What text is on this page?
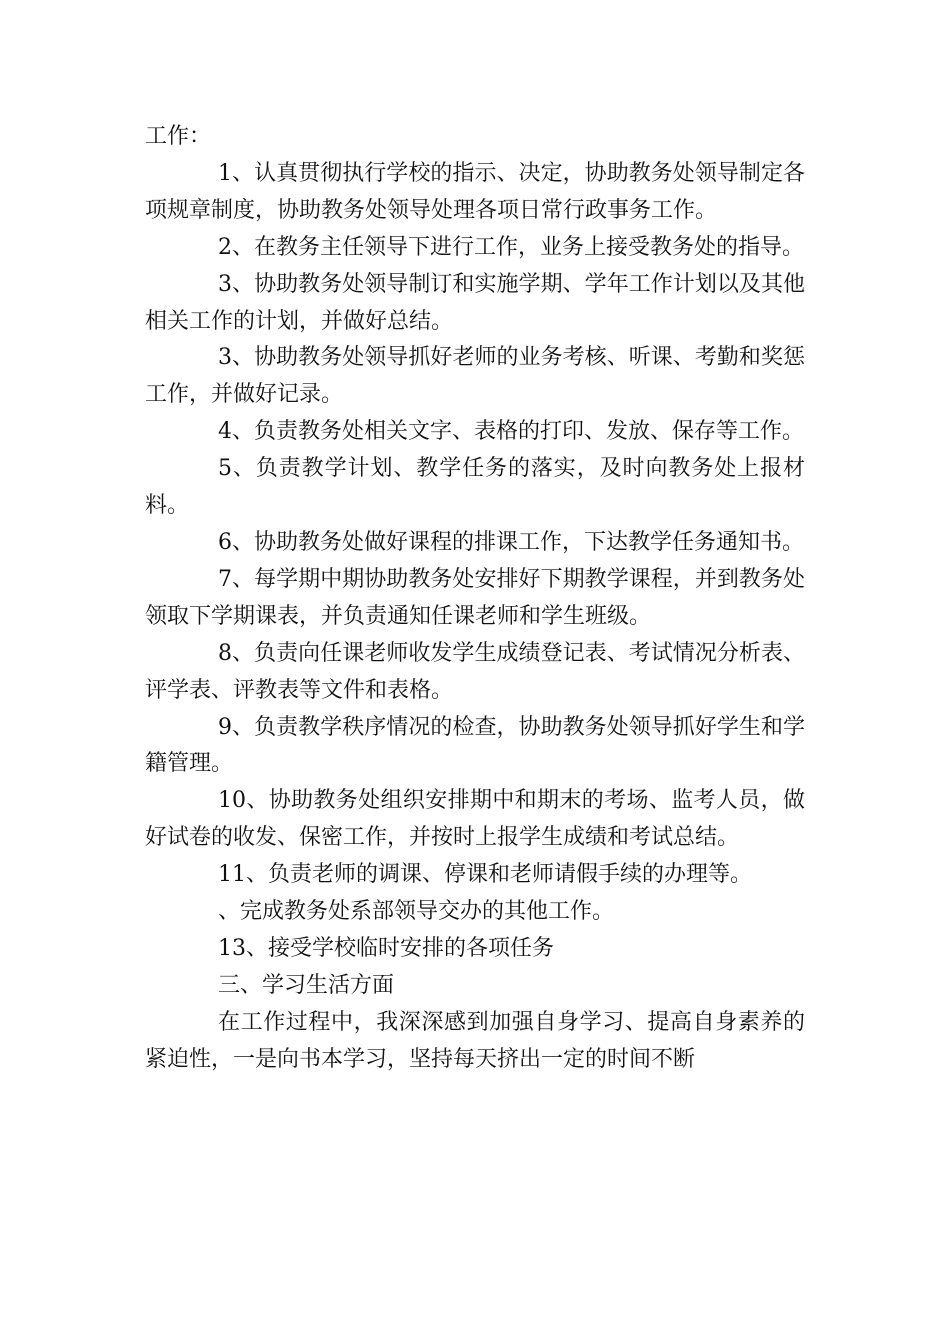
工作：

1、认真贯彻执行学校的指示、决定，协助教务处领导制定各项规章制度，协助教务处领导处理各项日常行政事务工作。

2、在教务主任领导下进行工作，业务上接受教务处的指导。

3、协助教务处领导制订和实施学期、学年工作计划以及其他相关工作的计划，并做好总结。

3、协助教务处领导抓好老师的业务考核、听课、考勤和奖惩工作，并做好记录。

4、负责教务处相关文字、表格的打印、发放、保存等工作。

5、负责教学计划、教学任务的落实，及时向教务处上报材料。

6、协助教务处做好课程的排课工作，下达教学任务通知书。

7、每学期中期协助教务处安排好下期教学课程，并到教务处领取下学期课表，并负责通知任课老师和学生班级。

8、负责向任课老师收发学生成绩登记表、考试情况分析表、评学表、评教表等文件和表格。

9、负责教学秩序情况的检查，协助教务处领导抓好学生和学籍管理。

10、协助教务处组织安排期中和期末的考场、监考人员，做好试卷的收发、保密工作，并按时上报学生成绩和考试总结。

11、负责老师的调课、停课和老师请假手续的办理等。

、完成教务处系部领导交办的其他工作。

13、接受学校临时安排的各项任务

三、学习生活方面

在工作过程中，我深深感到加强自身学习、提高自身素养的紧迫性，一是向书本学习，坚持每天挤出一定的时间不断
